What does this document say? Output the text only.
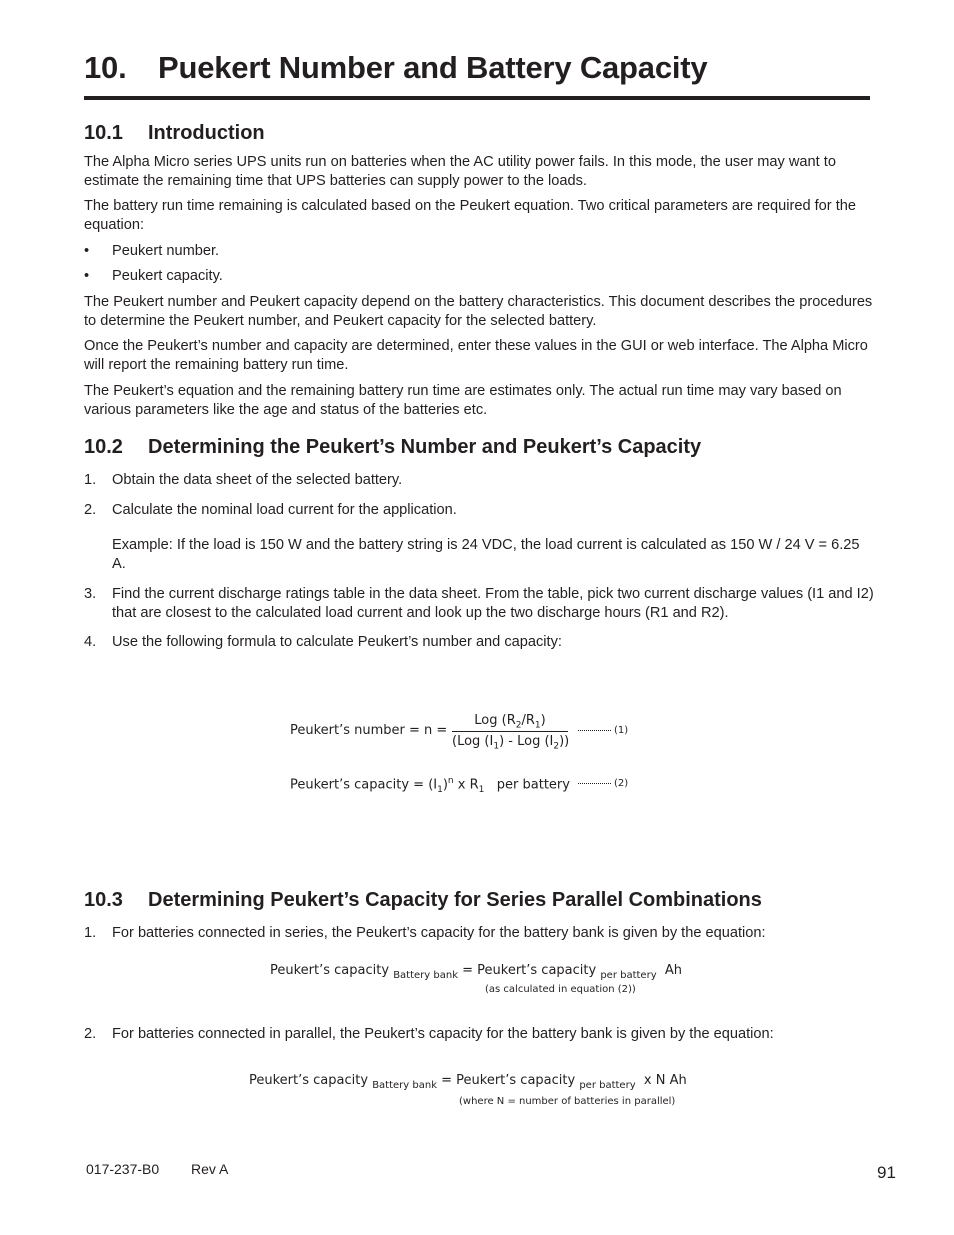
10. Puekert Number and Battery Capacity
10.1 Introduction
The Alpha Micro series UPS units run on batteries when the AC utility power fails. In this mode, the user may want to estimate the remaining time that UPS batteries can supply power to the loads.
The battery run time remaining is calculated based on the Peukert equation. Two critical parameters are required for the equation:
• Peukert number.
• Peukert capacity.
The Peukert number and Peukert capacity depend on the battery characteristics. This document describes the procedures to determine the Peukert number, and Peukert capacity for the selected battery.
Once the Peukert’s number and capacity are determined, enter these values in the GUI or web interface. The Alpha Micro will report the remaining battery run time.
The Peukert’s equation and the remaining battery run time are estimates only. The actual run time may vary based on various parameters like the age and status of the batteries etc.
10.2 Determining the Peukert’s Number and Peukert’s Capacity
1. Obtain the data sheet of the selected battery.
2. Calculate the nominal load current for the application.
Example: If the load is 150 W and the battery string is 24 VDC, the load current is calculated as 150 W / 24 V = 6.25 A.
3. Find the current discharge ratings table in the data sheet. From the table, pick two current discharge values (I1 and I2) that are closest to the calculated load current and look up the two discharge hours (R1 and R2).
4. Use the following formula to calculate Peukert’s number and capacity:
Peukert’s number = n =
Log $(R_2/R_1)$
(Log $(I_1)$ - Log $(I_2)$)
(1)
Peukert’s capacity = $(I_1)^n$ x $R_1$   per battery	(2)
10.3 Determining Peukert’s Capacity for Series Parallel Combinations
1. For batteries connected in series, the Peukert’s capacity for the battery bank is given by the equation:
Peukert’s capacity $_{Battery bank}$ = Peukert’s capacity $_{per battery}$ Ah
(as calculated in equation (2))
2. For batteries connected in parallel, the Peukert’s capacity for the battery bank is given by the equation:
Peukert’s capacity $_{Battery bank}$ = Peukert’s capacity $_{per battery}$ x N Ah
(where N = number of batteries in parallel)
017-237-B0 Rev A	91
